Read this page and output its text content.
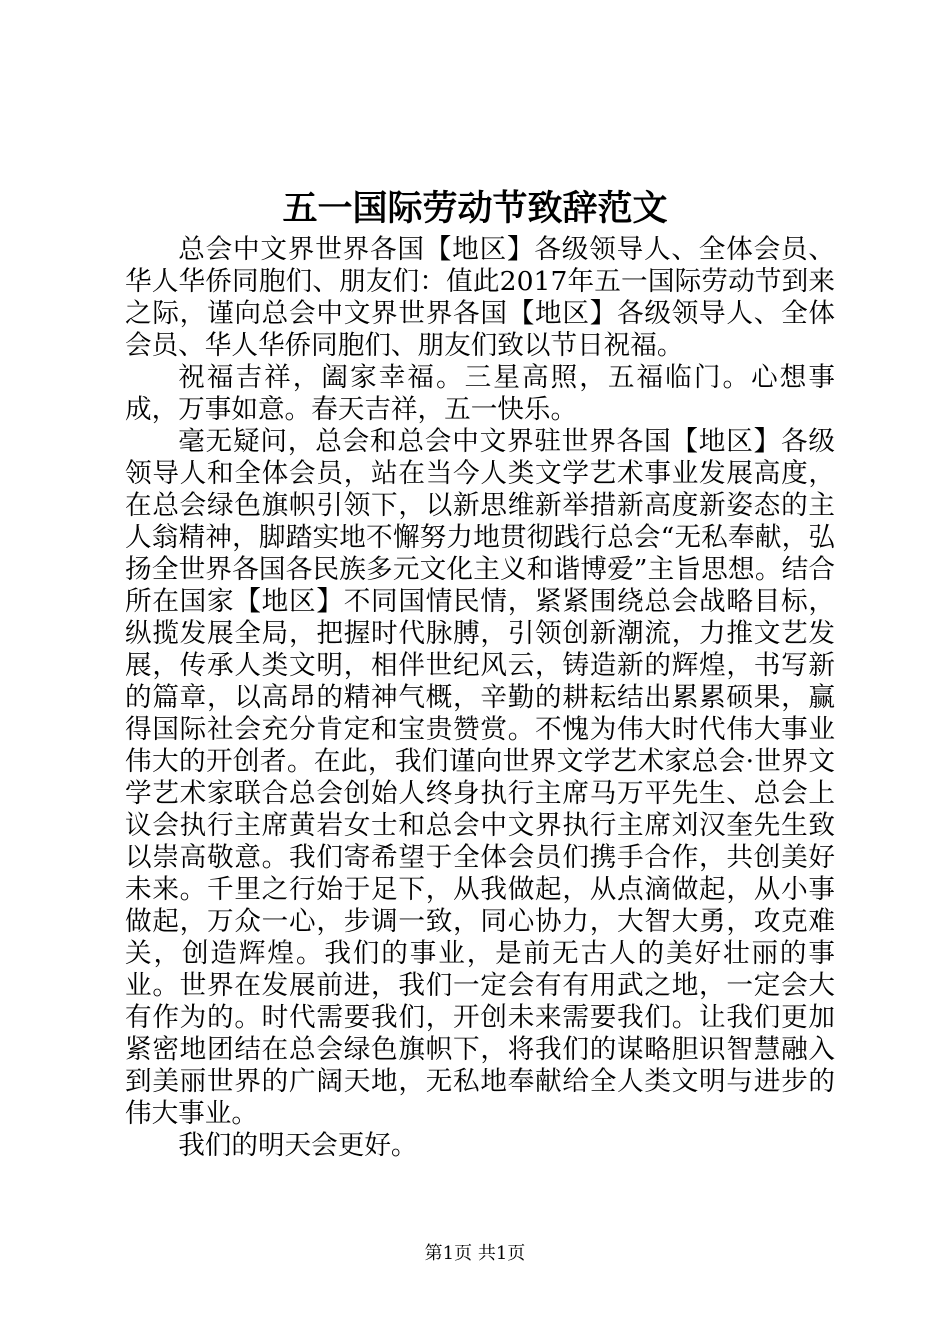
五一国际劳动节致辞范文

总会中文界世界各国【地区】各级领导人、全体会员、华人华侨同胞们、朋友们：值此2017年五一国际劳动节到来之际，谨向总会中文界世界各国【地区】各级领导人、全体会员、华人华侨同胞们、朋友们致以节日祝福。

祝福吉祥，阖家幸福。三星高照，五福临门。心想事成，万事如意。春天吉祥，五一快乐。

毫无疑问，总会和总会中文界驻世界各国【地区】各级领导人和全体会员，站在当今人类文学艺术事业发展高度，在总会绿色旗帜引领下，以新思维新举措新高度新姿态的主人翁精神，脚踏实地不懈努力地贯彻践行总会“无私奉献，弘扬全世界各国各民族多元文化主义和谐博爱”主旨思想。结合所在国家【地区】不同国情民情，紧紧围绕总会战略目标，纵揽发展全局，把握时代脉膊，引领创新潮流，力推文艺发展，传承人类文明，相伴世纪风云，铸造新的辉煌，书写新的篇章，以高昂的精神气概，辛勤的耕耘结出累累硕果，赢得国际社会充分肯定和宝贵赞赏。不愧为伟大时代伟大事业伟大的开创者。在此，我们谨向世界文学艺术家总会·世界文学艺术家联合总会创始人终身执行主席马万平先生、总会上议会执行主席黄岩女士和总会中文界执行主席刘汉奎先生致以崇高敬意。我们寄希望于全体会员们携手合作，共创美好未来。千里之行始于足下，从我做起，从点滴做起，从小事做起，万众一心，步调一致，同心协力，大智大勇，攻克难关，创造辉煌。我们的事业，是前无古人的美好壮丽的事业。世界在发展前进，我们一定会有有用武之地，一定会大有作为的。时代需要我们，开创未来需要我们。让我们更加紧密地团结在总会绿色旗帜下，将我们的谋略胆识智慧融入到美丽世界的广阔天地，无私地奉献给全人类文明与进步的伟大事业。

我们的明天会更好。

第1页 共1页
